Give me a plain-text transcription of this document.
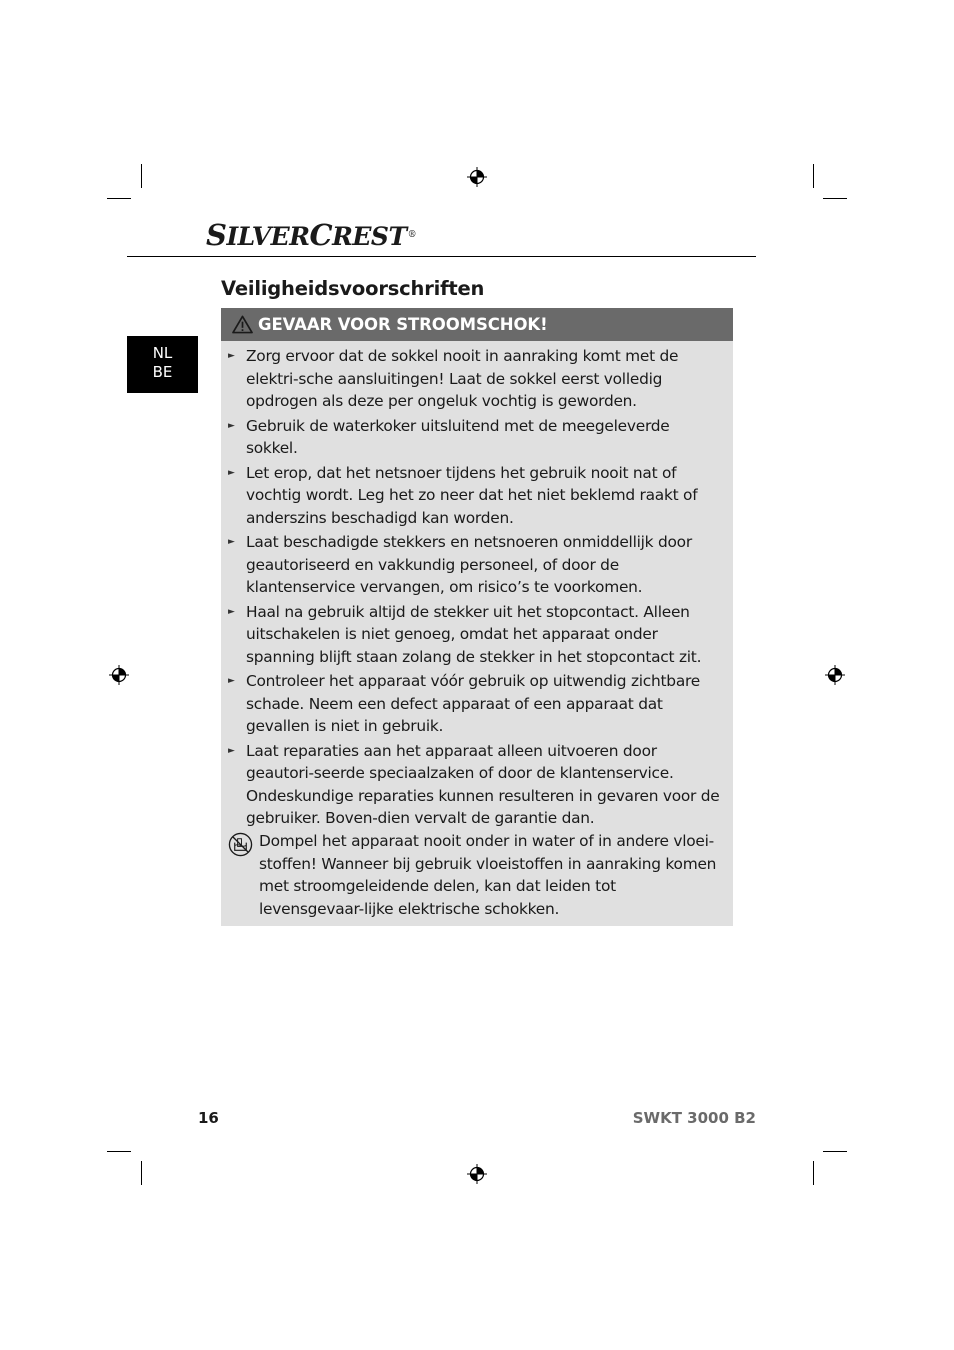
SILVERCREST®
Veiligheidsvoorschriften
NL
BE
GEVAAR VOOR STROOMSCHOK!
► Zorg ervoor dat de sokkel nooit in aanraking komt met de elektri-sche aansluitingen! Laat de sokkel eerst volledig opdrogen als deze per ongeluk vochtig is geworden.
► Gebruik de waterkoker uitsluitend met de meegeleverde sokkel.
► Let erop, dat het netsnoer tijdens het gebruik nooit nat of vochtig wordt. Leg het zo neer dat het niet beklemd raakt of anderszins beschadigd kan worden.
► Laat beschadigde stekkers en netsnoeren onmiddellijk door geautoriseerd en vakkundig personeel, of door de klantenservice vervangen, om risico’s te voorkomen.
► Haal na gebruik altijd de stekker uit het stopcontact. Alleen uitschakelen is niet genoeg, omdat het apparaat onder spanning blijft staan zolang de stekker in het stopcontact zit.
► Controleer het apparaat vóór gebruik op uitwendig zichtbare schade. Neem een defect apparaat of een apparaat dat gevallen is niet in gebruik.
► Laat reparaties aan het apparaat alleen uitvoeren door geautori-seerde speciaalzaken of door de klantenservice. Ondeskundige reparaties kunnen resulteren in gevaren voor de gebruiker. Boven-dien vervalt de garantie dan.

Dompel het apparaat nooit onder in water of in andere vloei-stoffen! Wanneer bij gebruik vloeistoffen in aanraking komen met stroomgeleidende delen, kan dat leiden tot levensgevaar-lijke elektrische schokken.

16	SWKT 3000 B2
